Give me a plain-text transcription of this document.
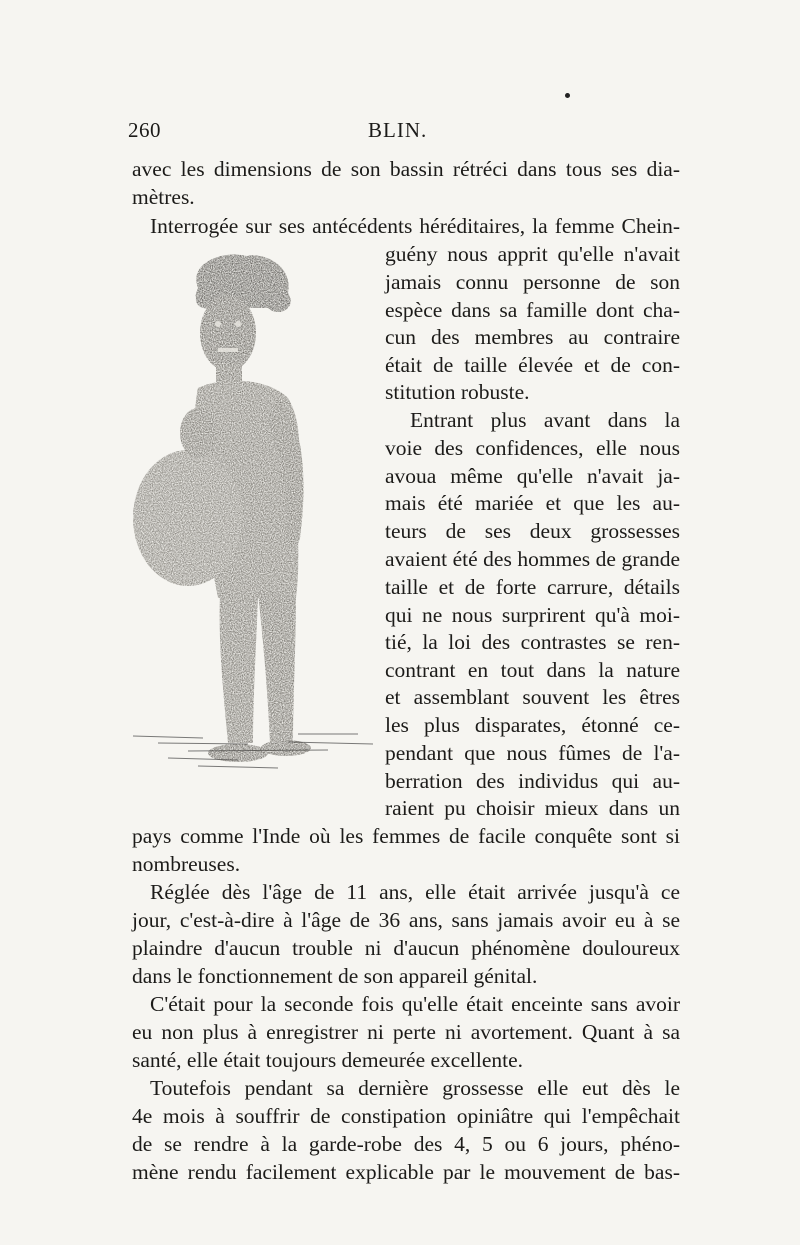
260	BLIN.
avec les dimensions de son bassin rétréci dans tous ses dia-
mètres.
Interrogée sur ses antécédents héréditaires, la femme Chein-
guény nous apprit qu'elle n'avait
jamais connu personne de son
espèce dans sa famille dont cha-
cun des membres au contraire
était de taille élevée et de con-
stitution robuste.
Entrant plus avant dans la
voie des confidences, elle nous
avoua même qu'elle n'avait ja-
mais été mariée et que les au-
teurs de ses deux grossesses
avaient été des hommes de grande
taille et de forte carrure, détails
qui ne nous surprirent qu'à moi-
tié, la loi des contrastes se ren-
contrant en tout dans la nature
et assemblant souvent les êtres
les plus disparates, étonné ce-
pendant que nous fûmes de l'a-
berration des individus qui au-
raient pu choisir mieux dans un
pays comme l'Inde où les femmes de facile conquête sont si
nombreuses.
Réglée dès l'âge de 11 ans, elle était arrivée jusqu'à ce
jour, c'est-à-dire à l'âge de 36 ans, sans jamais avoir eu à se
plaindre d'aucun trouble ni d'aucun phénomène douloureux
dans le fonctionnement de son appareil génital.
C'était pour la seconde fois qu'elle était enceinte sans avoir
eu non plus à enregistrer ni perte ni avortement. Quant à sa
santé, elle était toujours demeurée excellente.
Toutefois pendant sa dernière grossesse elle eut dès le
4e mois à souffrir de constipation opiniâtre qui l'empêchait
de se rendre à la garde-robe des 4, 5 ou 6 jours, phéno-
mène rendu facilement explicable par le mouvement de bas-
